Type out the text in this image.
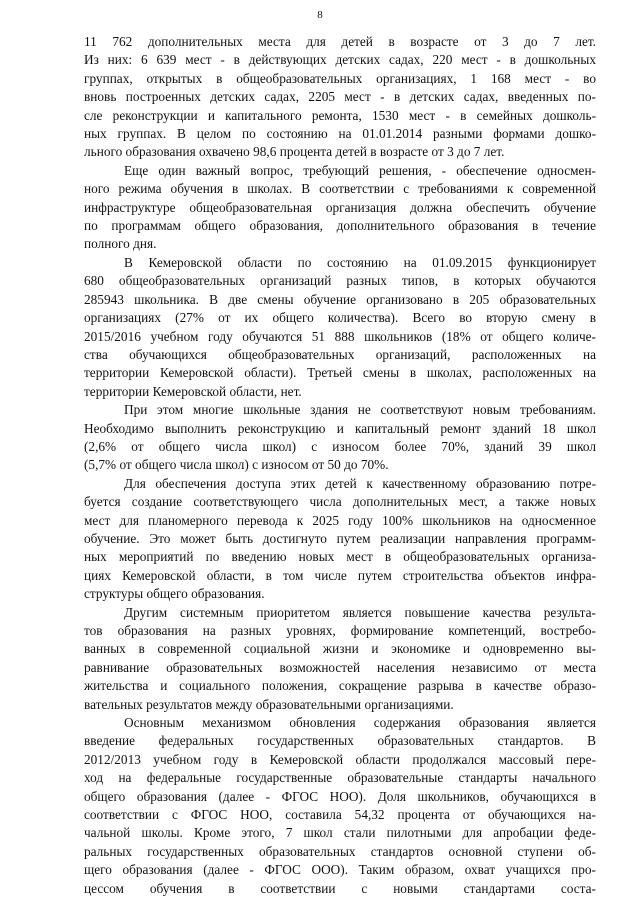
8
11 762 дополнительных места для детей в возрасте от 3 до 7 лет.
Из них: 6 639 мест - в действующих детских садах, 220 мест - в дошкольных
группах, открытых в общеобразовательных организациях, 1 168 мест - во
вновь построенных детских садах, 2205 мест - в детских садах, введенных по-
сле реконструкции и капитального ремонта, 1530 мест - в семейных дошколь-
ных группах. В целом по состоянию на 01.01.2014 разными формами дошко-
льного образования охвачено 98,6 процента детей в возрасте от 3 до 7 лет.
Еще один важный вопрос, требующий решения, - обеспечение односмен-
ного режима обучения в школах. В соответствии с требованиями к современной
инфраструктуре общеобразовательная организация должна обеспечить обучение
по программам общего образования, дополнительного образования в течение
полного дня.
В Кемеровской области по состоянию на 01.09.2015 функционирует
680 общеобразовательных организаций разных типов, в которых обучаются
285943 школьника. В две смены обучение организовано в 205 образовательных
организациях (27% от их общего количества). Всего во вторую смену в
2015/2016 учебном году обучаются 51 888 школьников (18% от общего количе-
ства обучающихся общеобразовательных организаций, расположенных на
территории Кемеровской области). Третьей смены в школах, расположенных на
территории Кемеровской области, нет.
При этом многие школьные здания не соответствуют новым требованиям.
Необходимо выполнить реконструкцию и капитальный ремонт зданий 18 школ
(2,6% от общего числа школ) с износом более 70%, зданий 39 школ
(5,7% от общего числа школ) с износом от 50 до 70%.
Для обеспечения доступа этих детей к качественному образованию потре-
буется создание соответствующего числа дополнительных мест, а также новых
мест для планомерного перевода к 2025 году 100% школьников на односменное
обучение. Это может быть достигнуто путем реализации направления программ-
ных мероприятий по введению новых мест в общеобразовательных организа-
циях Кемеровской области, в том числе путем строительства объектов инфра-
структуры общего образования.
Другим системным приоритетом является повышение качества результа-
тов образования на разных уровнях, формирование компетенций, востребо-
ванных в современной социальной жизни и экономике и одновременно вы-
равнивание образовательных возможностей населения независимо от места
жительства и социального положения, сокращение разрыва в качестве образо-
вательных результатов между образовательными организациями.
Основным механизмом обновления содержания образования является
введение федеральных государственных образовательных стандартов. В
2012/2013 учебном году в Кемеровской области продолжался массовый пере-
ход на федеральные государственные образовательные стандарты начального
общего образования (далее - ФГОС НОО). Доля школьников, обучающихся в
соответствии с ФГОС НОО, составила 54,32 процента от обучающихся на-
чальной школы. Кроме этого, 7 школ стали пилотными для апробации феде-
ральных государственных образовательных стандартов основной ступени об-
щего образования (далее - ФГОС ООО). Таким образом, охват учащихся про-
цессом обучения в соответствии с новыми стандартами соста-
